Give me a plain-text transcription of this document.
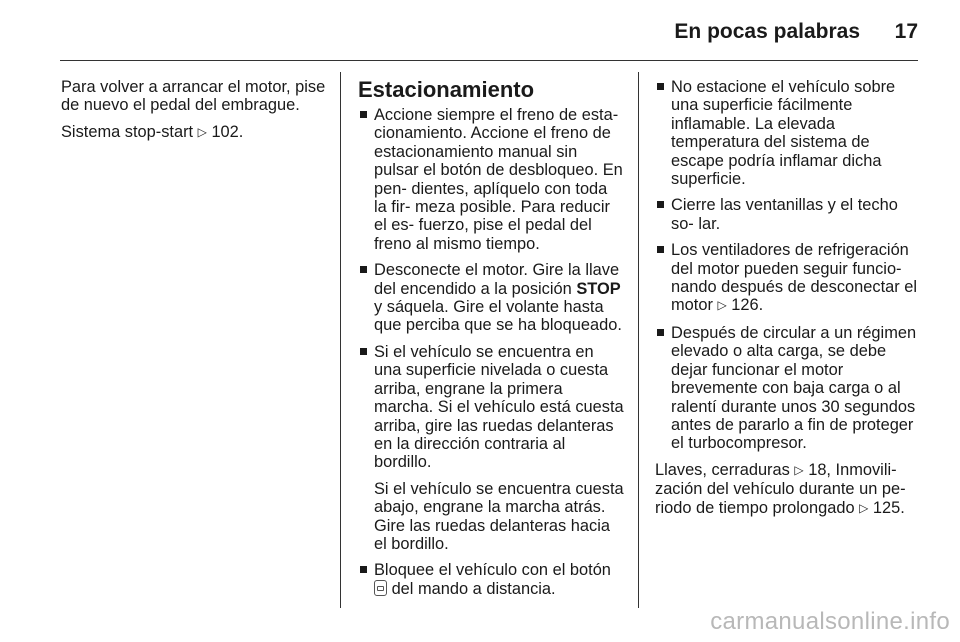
En pocas palabras 17

Para volver a arrancar el motor, pise de nuevo el pedal del embrague.

Sistema stop-start ▷ 102.

Estacionamiento
Accione siempre el freno de esta- cionamiento. Accione el freno de estacionamiento manual sin pulsar el botón de desbloqueo. En pen- dientes, aplíquelo con toda la fir- meza posible. Para reducir el es- fuerzo, pise el pedal del freno al mismo tiempo.
Desconecte el motor. Gire la llave del encendido a la posición STOP y sáquela. Gire el volante hasta que perciba que se ha bloqueado.
Si el vehículo se encuentra en una superficie nivelada o cuesta arriba, engrane la primera marcha. Si el vehículo está cuesta arriba, gire las ruedas delanteras en la dirección contraria al bordillo.
Si el vehículo se encuentra cuesta abajo, engrane la marcha atrás. Gire las ruedas delanteras hacia el bordillo.
Bloquee el vehículo con el botón  del mando a distancia.
No estacione el vehículo sobre una superficie fácilmente inflamable. La elevada temperatura del sistema de escape podría inflamar dicha superficie.
Cierre las ventanillas y el techo so- lar.
Los ventiladores de refrigeración del motor pueden seguir funcio- nando después de desconectar el motor ▷ 126.
Después de circular a un régimen elevado o alta carga, se debe dejar funcionar el motor brevemente con baja carga o al ralentí durante unos 30 segundos antes de pararlo a fin de proteger el turbocompresor.

Llaves, cerraduras ▷ 18, Inmovili- zación del vehículo durante un pe- riodo de tiempo prolongado ▷ 125.

carmanualsonline.info
